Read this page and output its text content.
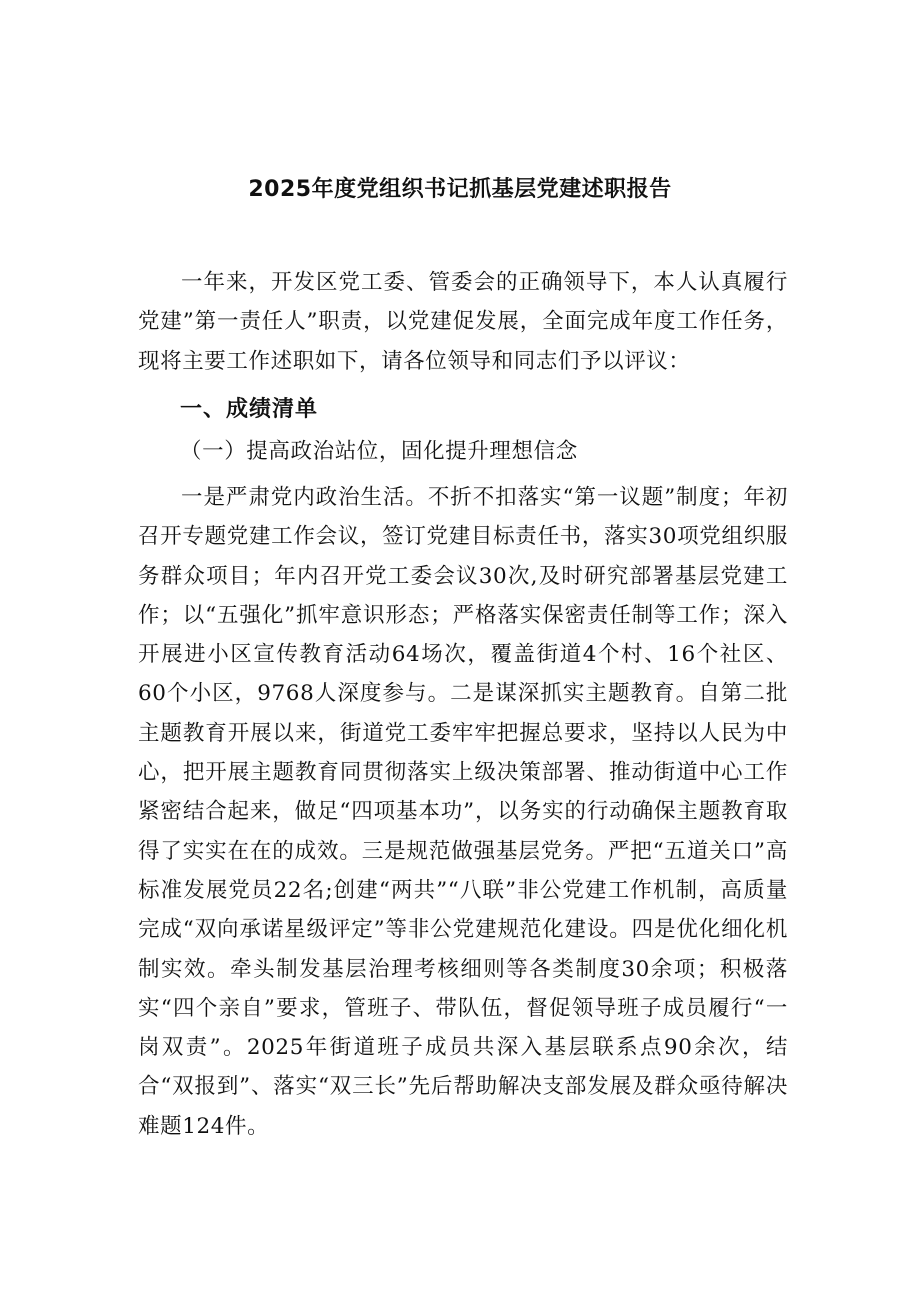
2025年度党组织书记抓基层党建述职报告
一年来，开发区党工委、管委会的正确领导下，本人认真履行党建”第一责任人”职责，以党建促发展，全面完成年度工作任务，现将主要工作述职如下，请各位领导和同志们予以评议：
一、成绩清单
（一）提高政治站位，固化提升理想信念
一是严肃党内政治生活。不折不扣落实“第一议题”制度；年初召开专题党建工作会议，签订党建目标责任书，落实30项党组织服务群众项目；年内召开党工委会议30次,及时研究部署基层党建工作；以“五强化”抓牢意识形态；严格落实保密责任制等工作；深入开展进小区宣传教育活动64场次，覆盖街道4个村、16个社区、60个小区，9768人深度参与。二是谋深抓实主题教育。自第二批主题教育开展以来，街道党工委牢牢把握总要求，坚持以人民为中心，把开展主题教育同贯彻落实上级决策部署、推动街道中心工作紧密结合起来，做足“四项基本功”，以务实的行动确保主题教育取得了实实在在的成效。三是规范做强基层党务。严把“五道关口”高标准发展党员22名;创建“两共”“八联”非公党建工作机制，高质量完成“双向承诺星级评定”等非公党建规范化建设。四是优化细化机制实效。牵头制发基层治理考核细则等各类制度30余项；积极落实“四个亲自”要求，管班子、带队伍，督促领导班子成员履行“一岗双责”。2025年街道班子成员共深入基层联系点90余次，结合“双报到”、落实“双三长”先后帮助解决支部发展及群众亟待解决难题124件。
